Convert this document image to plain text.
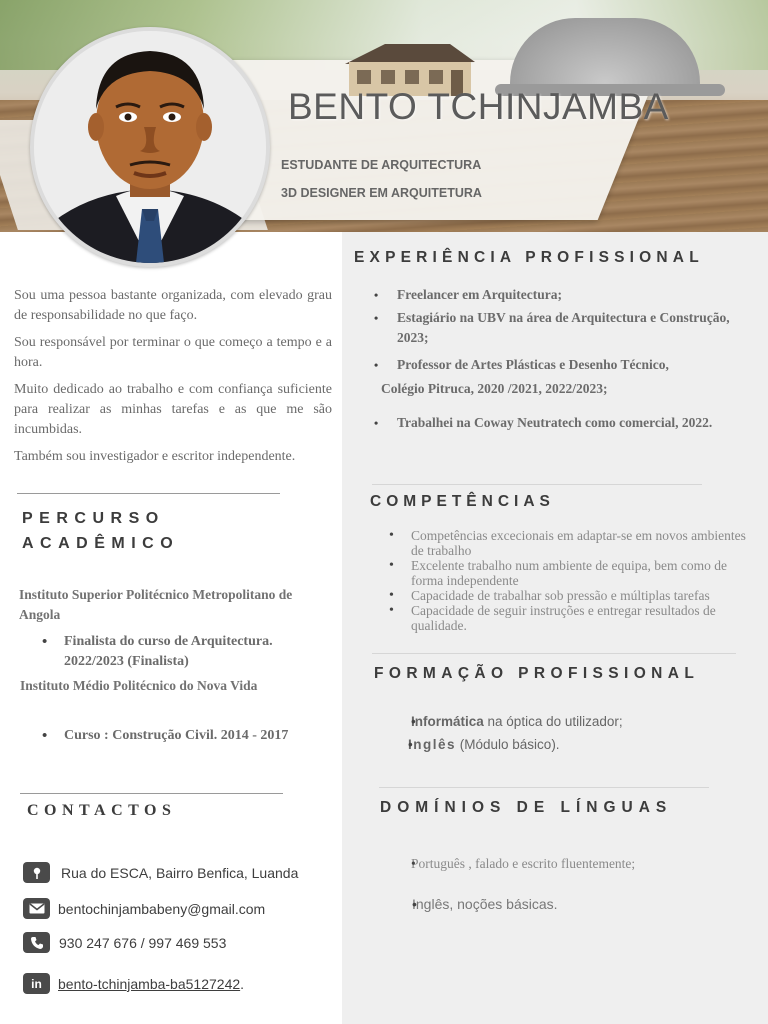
BENTO TCHINJAMBA
ESTUDANTE DE ARQUITECTURA
3D DESIGNER EM ARQUITETURA

Sou uma pessoa bastante organizada, com elevado grau de responsabilidade no que faço.

Sou responsável por terminar o que começo a tempo e a hora.

Muito dedicado ao trabalho e com confiança suficiente para realizar as minhas tarefas e as que me são incumbidas.

Também sou investigador e escritor independente.

PERCURSO
ACADÊMICO
Instituto Superior Politécnico Metropolitano de Angola
• Finalista do curso de Arquitectura. 2022/2023 (Finalista)
Instituto Médio Politécnico do Nova Vida
• Curso : Construção Civil. 2014 - 2017
CONTACTOS
Rua do ESCA, Bairro Benfica, Luanda
bentochinjambabeny@gmail.com
930 247 676 / 997 469 553
in	bento-tchinjamba-ba5127242 .
EXPERIÊNCIA PROFISSIONAL
• Freelancer em Arquitectura;
• Estagiário na UBV na área de Arquitectura e Construção, 2023;
• Professor de Artes Plásticas e Desenho Técnico,
Colégio Pitruca, 2020 /2021, 2022/2023;
• Trabalhei na Coway Neutratech como comercial, 2022.
COMPETÊNCIAS
• Competências excecionais em adaptar-se em novos ambientes de trabalho
• Excelente trabalho num ambiente de equipa, bem como de forma independente
• Capacidade de trabalhar sob pressão e múltiplas tarefas
• Capacidade de seguir instruções e entregar resultados de qualidade.
FORMAÇÃO PROFISSIONAL
• Informática na óptica do utilizador;
• Inglês (Módulo básico).
DOMÍNIOS DE LÍNGUAS
• Português , falado e escrito fluentemente;
• Inglês, noções básicas.
